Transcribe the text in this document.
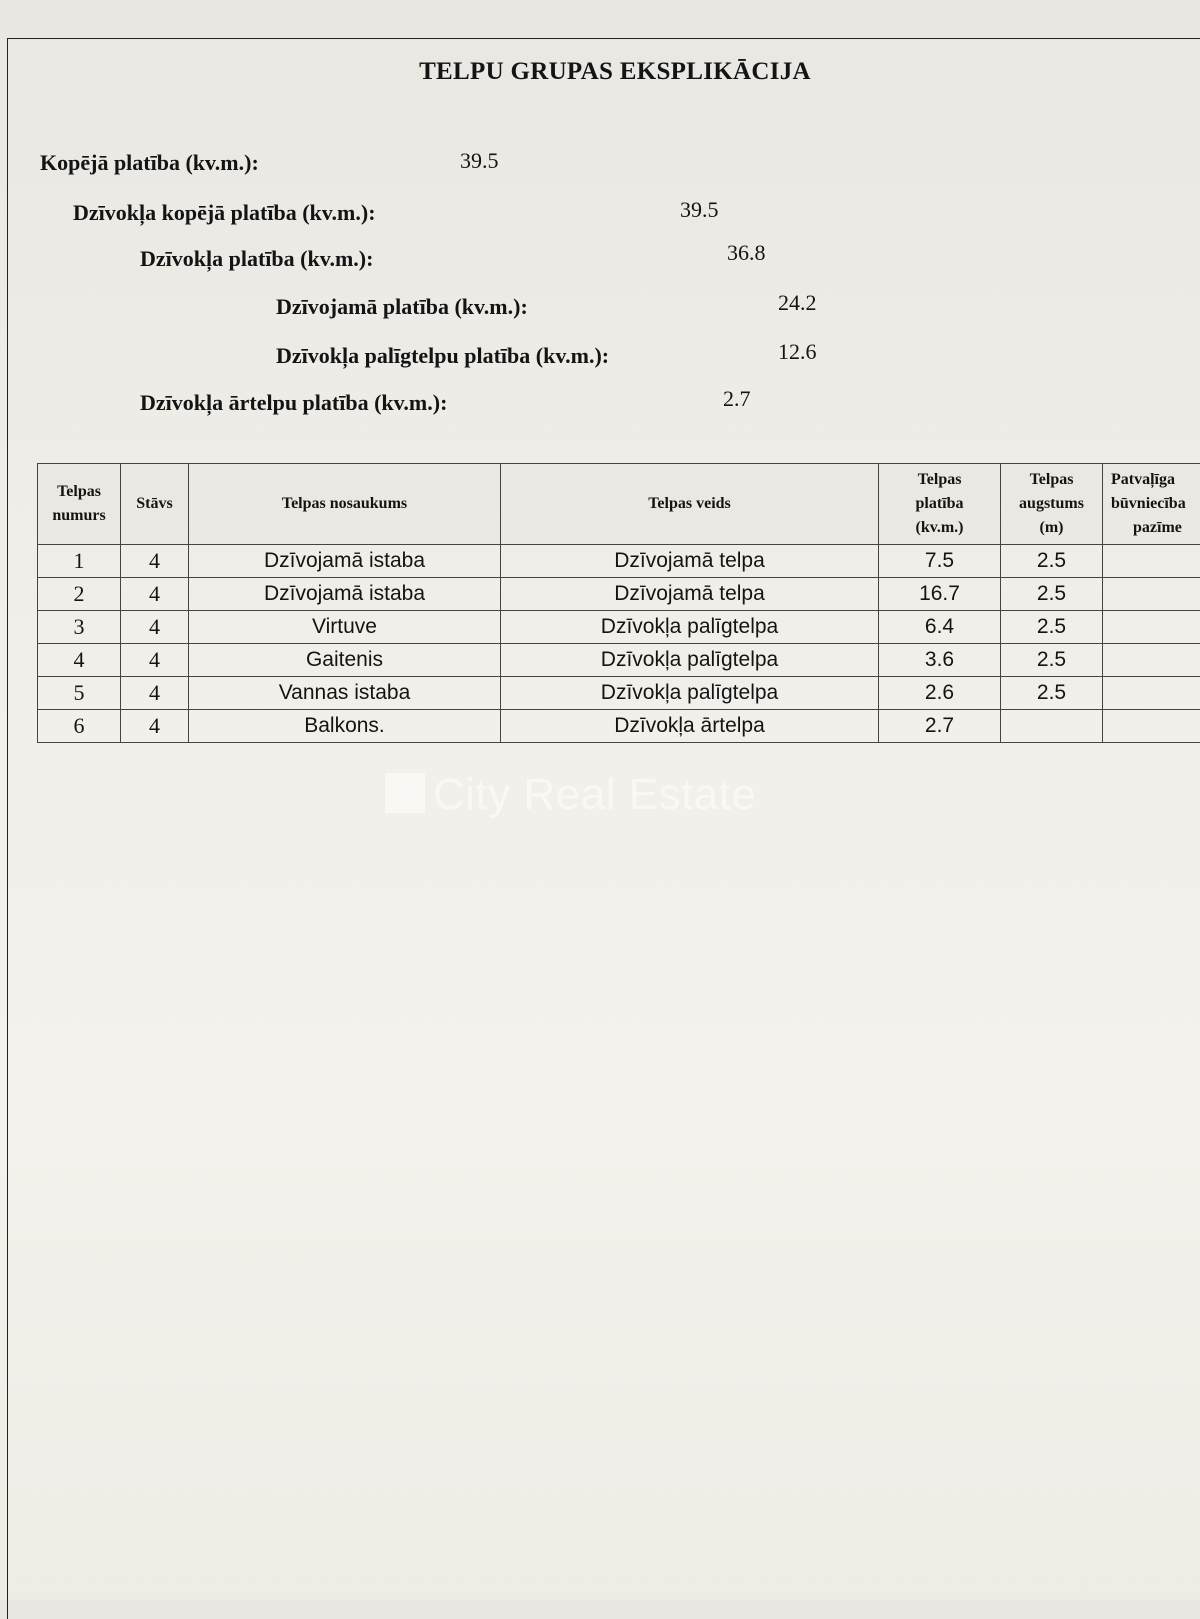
TELPU GRUPAS EKSPLIKĀCIJA
Kopējā platība (kv.m.):	39.5
Dzīvokļa kopējā platība (kv.m.):	39.5
Dzīvokļa platība (kv.m.):	36.8
Dzīvojamā platība (kv.m.):	24.2
Dzīvokļa palīgtelpu platība (kv.m.):	12.6
Dzīvokļa ārtelpu platība (kv.m.):	2.7
Telpas
numurs	Stāvs	Telpas nosaukums	Telpas veids	Telpas
platība
(kv.m.)	Telpas
augstums
(m)	Patvaļīga
būvniecība
pazīme
1	4	Dzīvojamā istaba	Dzīvojamā telpa	7.5	2.5	
2	4	Dzīvojamā istaba	Dzīvojamā telpa	16.7	2.5	
3	4	Virtuve	Dzīvokļa palīgtelpa	6.4	2.5	
4	4	Gaitenis	Dzīvokļa palīgtelpa	3.6	2.5	
5	4	Vannas istaba	Dzīvokļa palīgtelpa	2.6	2.5	
6	4	Balkons.	Dzīvokļa ārtelpa	2.7		
City Real Estate
